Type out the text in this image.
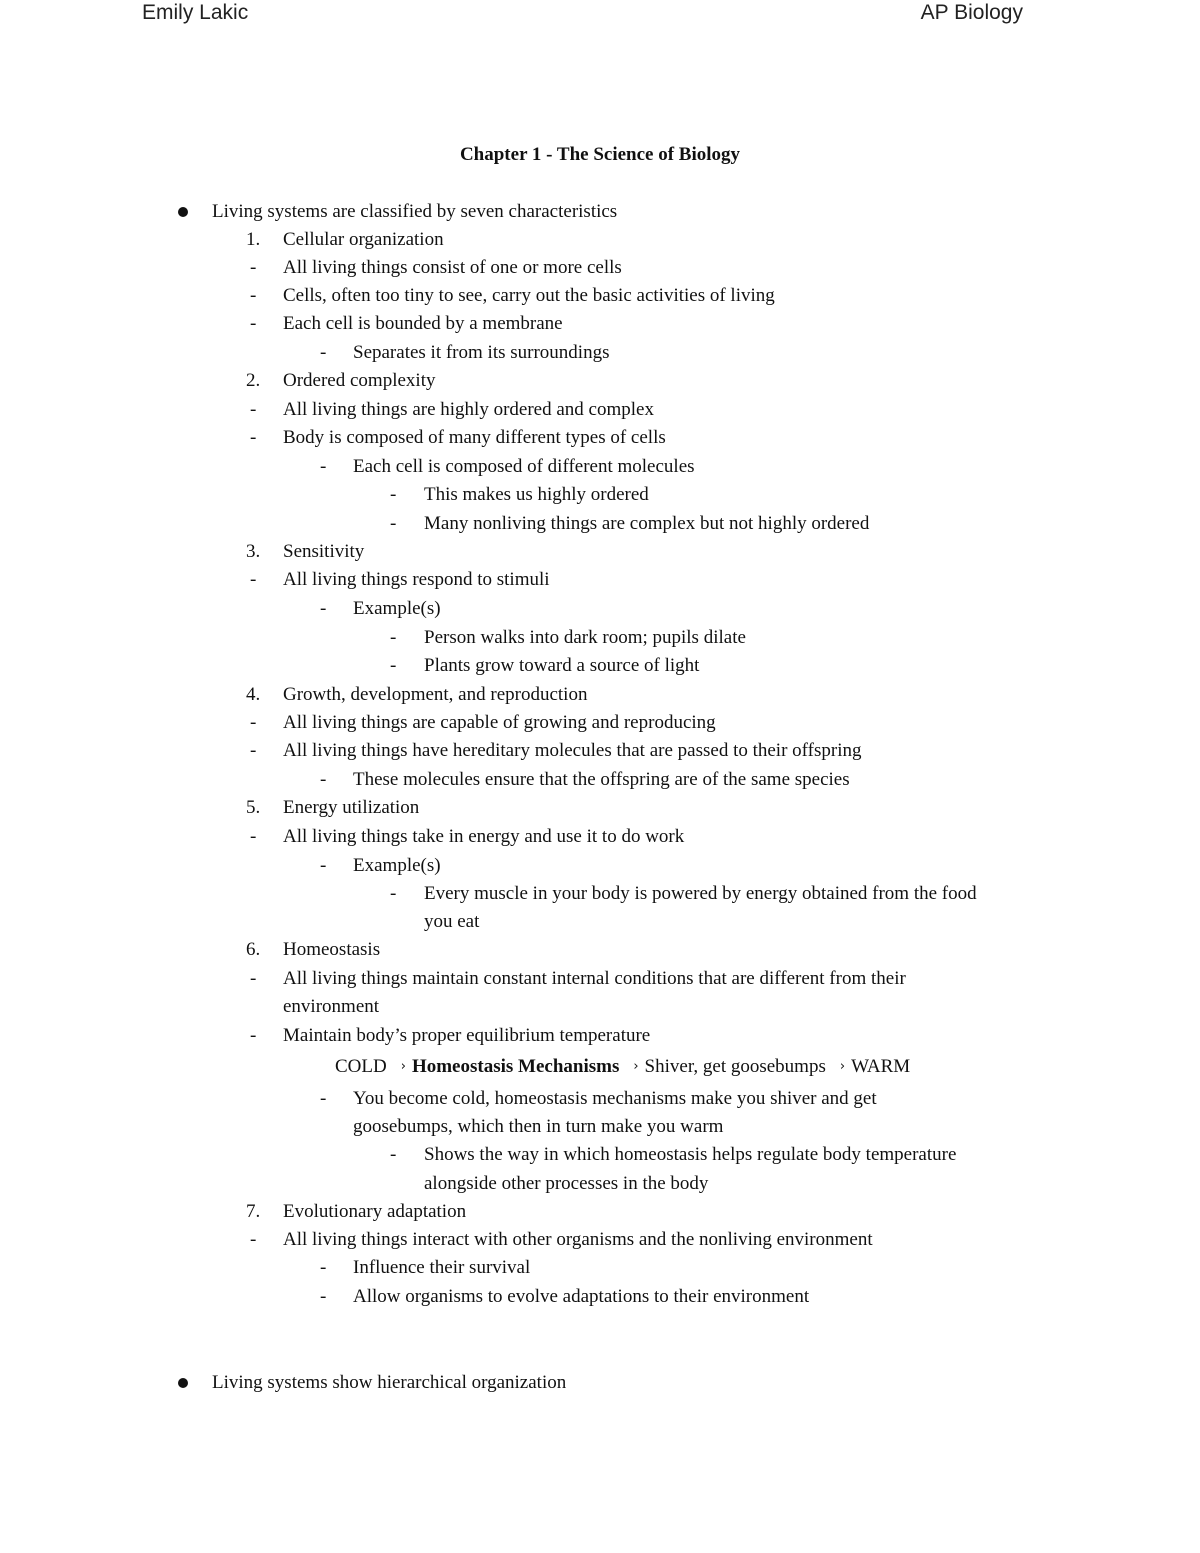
Emily Lakic	AP Biology
Chapter 1 - The Science of Biology
Living systems are classified by seven characteristics
1. Cellular organization
- All living things consist of one or more cells
- Cells, often too tiny to see, carry out the basic activities of living
- Each cell is bounded by a membrane
- Separates it from its surroundings
2. Ordered complexity
- All living things are highly ordered and complex
- Body is composed of many different types of cells
- Each cell is composed of different molecules
- This makes us highly ordered
- Many nonliving things are complex but not highly ordered
3. Sensitivity
- All living things respond to stimuli
- Example(s)
- Person walks into dark room; pupils dilate
- Plants grow toward a source of light
4. Growth, development, and reproduction
- All living things are capable of growing and reproducing
- All living things have hereditary molecules that are passed to their offspring
- These molecules ensure that the offspring are of the same species
5. Energy utilization
- All living things take in energy and use it to do work
- Example(s)
- Every muscle in your body is powered by energy obtained from the food
you eat
6. Homeostasis
- All living things maintain constant internal conditions that are different from their
environment
- Maintain body’s proper equilibrium temperature
COLD › Homeostasis Mechanisms › Shiver, get goosebumps › WARM
- You become cold, homeostasis mechanisms make you shiver and get
goosebumps, which then in turn make you warm
- Shows the way in which homeostasis helps regulate body temperature
alongside other processes in the body
7. Evolutionary adaptation
- All living things interact with other organisms and the nonliving environment
- Influence their survival
- Allow organisms to evolve adaptations to their environment
Living systems show hierarchical organization
